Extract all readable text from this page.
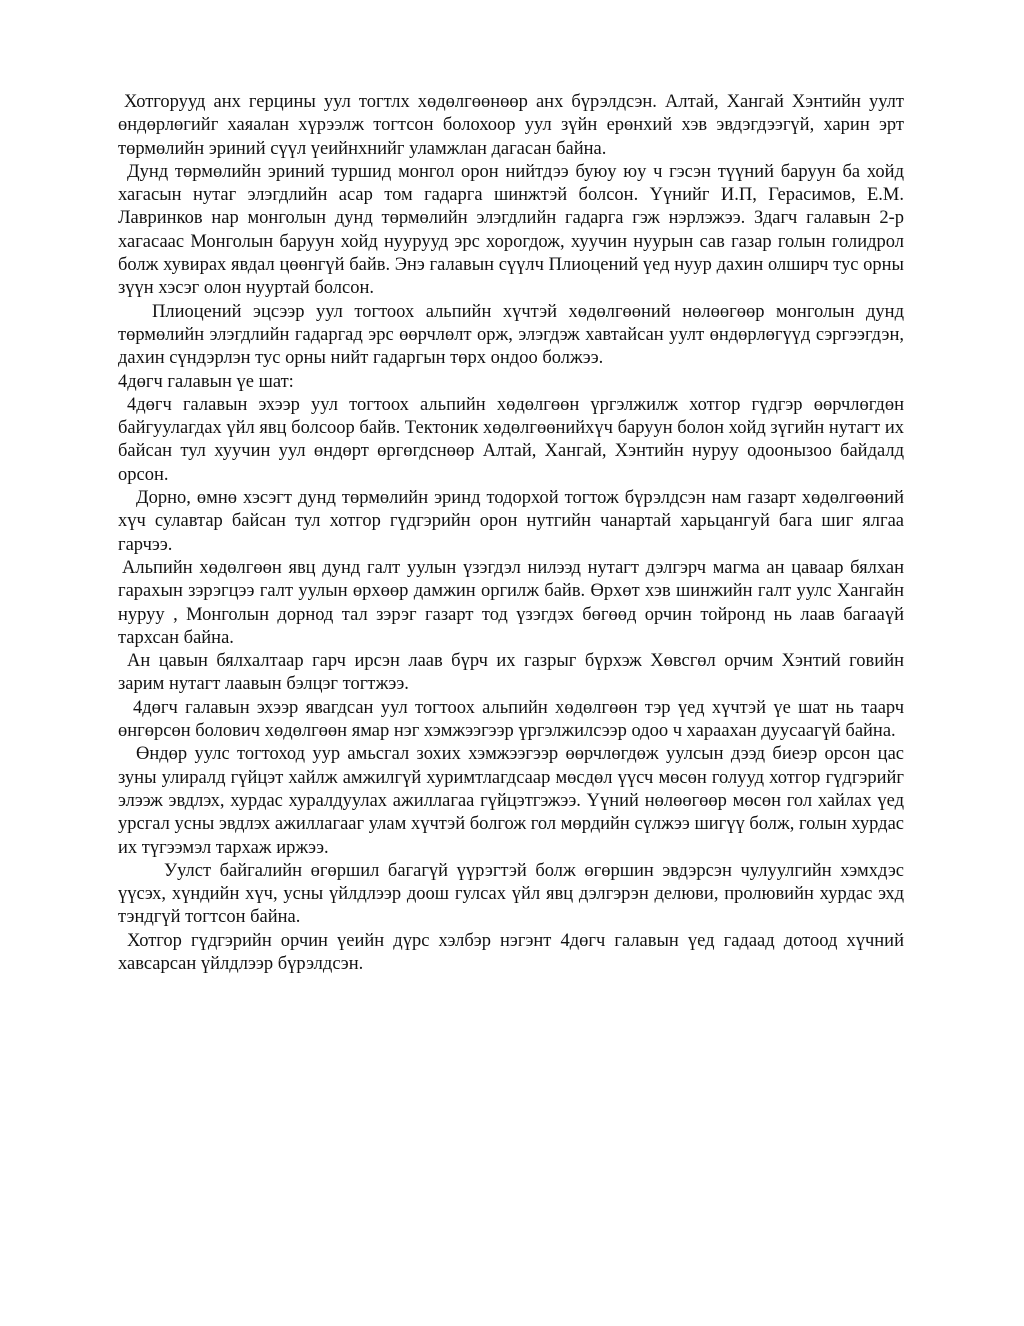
Хотгорууд анх герцины уул тогтлх хөдөлгөөнөөр анх бүрэлдсэн. Алтай, Хангай Хэнтийн уулт өндөрлөгийг хаяалан хүрээлж тогтсон болохоор уул зүйн ерөнхий хэв эвдэгдээгүй, харин эрт төрмөлийн эриний сүүл үеийнхнийг уламжлан дагасан байна.

Дунд төрмөлийн эриний туршид монгол орон нийтдээ буюу юу ч гэсэн түүний баруун ба хойд хагасын нутаг элэгдлийн асар том гадарга шинжтэй болсон. Үүнийг И.П, Герасимов, Е.М. Лавринков нар монголын дунд төрмөлийн элэгдлийн гадарга гэж нэрлэжээ. Здагч галавын 2-р хагасаас Монголын баруун хойд нуурууд эрс хорогдож, хуучин нуурын сав газар голын голидрол болж хувирах явдал цөөнгүй байв. Энэ галавын сүүлч Плиоцений үед нуур дахин олширч тус орны зүүн хэсэг олон нууртай болсон.

Плиоцений эцсээр уул тогтоох альпийн хүчтэй хөдөлгөөний нөлөөгөөр монголын дунд төрмөлийн элэгдлийн гадаргад эрс өөрчлөлт орж, элэгдэж хавтайсан уулт өндөрлөгүүд сэргээгдэн, дахин сүндэрлэн тус орны нийт гадаргын төрх ондоо болжээ.

4дөгч галавын үе шат:

4дөгч галавын эхээр уул тогтоох альпийн хөдөлгөөн үргэлжилж хотгор гүдгэр өөрчлөгдөн байгуулагдах үйл явц болсоор байв. Тектоник хөдөлгөөнийхүч баруун болон хойд зүгийн нутагт их байсан тул хуучин уул өндөрт өргөгдснөөр Алтай, Хангай, Хэнтийн нуруу одоонызоо байдалд орсон.

Дорно, өмнө хэсэгт дунд төрмөлийн эринд тодорхой тогтож бүрэлдсэн нам газарт хөдөлгөөний хүч сулавтар байсан тул хотгор гүдгэрийн орон нутгийн чанартай харьцангуй бага шиг ялгаа гарчээ.

Альпийн хөдөлгөөн явц дунд галт уулын үзэгдэл нилээд нутагт дэлгэрч магма ан цаваар бялхан гарахын зэрэгцээ галт уулын өрхөөр дамжин оргилж байв. Өрхөт хэв шинжийн галт уулс Хангайн нуруу , Монголын дорнод тал зэрэг газарт тод үзэгдэх бөгөөд орчин тойронд нь лаав багааүй тархсан байна.

Ан цавын бялхалтаар гарч ирсэн лаав бүрч их газрыг бүрхэж Хөвсгөл орчим Хэнтий говийн зарим нутагт лаавын бэлцэг тогтжээ.

4дөгч галавын эхээр явагдсан уул тогтоох альпийн хөдөлгөөн тэр үед хүчтэй үе шат нь таарч өнгөрсөн болович хөдөлгөөн ямар нэг хэмжээгээр үргэлжилсээр одоо ч хараахан дуусаагүй байна.

Өндөр уулс тогтоход уур амьсгал зохих хэмжээгээр өөрчлөгдөж уулсын дээд биеэр орсон цас зуны улиралд гүйцэт хайлж амжилгүй хуримтлагдсаар мөсдөл үүсч мөсөн голууд хотгор гүдгэрийг элээж эвдлэх, хурдас хуралдуулах ажиллагаа гүйцэтгэжээ. Үүний нөлөөгөөр мөсөн гол хайлах үед урсгал усны эвдлэх ажиллагааг улам хүчтэй болгож гол мөрдийн сүлжээ шигүү болж, голын хурдас их түгээмэл тархаж иржээ.

Уулст байгалийн өгөршил багагүй үүрэгтэй болж өгөршин эвдэрсэн чулуулгийн хэмхдэс үүсэх, хүндийн хүч, усны үйлдлээр доош гулсах үйл явц дэлгэрэн делюви, пролювийн хурдас эхд тэндгүй тогтсон байна.

Хотгор гүдгэрийн орчин үеийн дүрс хэлбэр нэгэнт 4дөгч галавын үед гадаад дотоод хүчний хавсарсан үйлдлээр бүрэлдсэн.
